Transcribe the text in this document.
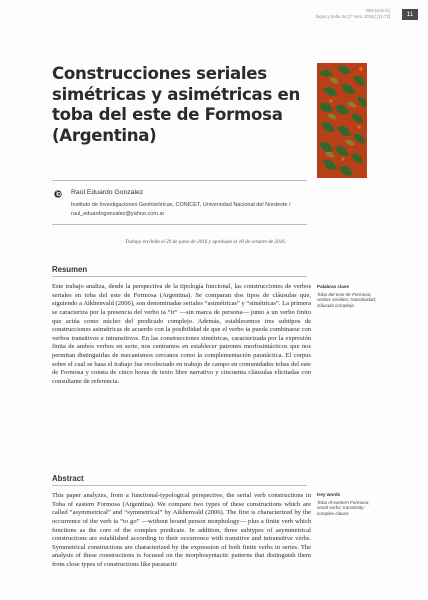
RIM (ucm.fc)
Signo y Seña 34 (2° sem. 2016): [11-72]	11
Construcciones seriales simétricas y asimétricas en toba del este de Formosa (Argentina)
Raúl Eduardo González
Instituto de Investigaciones Geohistóricas, CONICET, Universidad Nacional del Nordeste / raul_eduardogonzalez@yahoo.com.ar
Trabajo recibido el 29 de junio de 2016 y aprobado el 18 de octubre de 2016.
Resumen

Este trabajo analiza, desde la perspectiva de la tipología funcional, las construcciones de verbos seriales en toba del este de Formosa (Argentina). Se comparan dos tipos de cláusulas que, siguiendo a Aikhenvald (2006), son denominadas seriales “asimétricas” y “simétricas”. La primera se caracteriza por la presencia del verbo ta “ir” —sin marca de persona— junto a un verbo finito que actúa como núcleo del predicado complejo. Además, establecemos tres subtipos de construcciones asimétricas de acuerdo con la posibilidad de que el verbo ta pueda combinarse con verbos transitivos e intransitivos. En las construcciones simétricas, caracterizada por la expresión finita de ambos verbos en serie, nos centramos en establecer patrones morfosintácticos que nos permitan distinguirlas de mecanismos cercanos como la complementación paratáctica. El corpus sobre el cual se basa el trabajo fue recolectado en trabajo de campo en comunidades tobas del este de Formosa y consta de cinco horas de texto libre narrativo y cincuenta cláusulas elicitadas con consultante de referencia.

Palabras clave
Toba del este de Formosa; verbos seriales; transitividad; cláusula compleja
Abstract

This paper analyzes, from a functional-typological perspective, the serial verb constructions in Toba of eastern Formosa (Argentina). We compare two types of these constructions which are called “asymmetrical” and “symmetrical” by Aikhenvald (2006). The first is characterized by the occurrence of the verb ta “to go” —without bound person morphology— plus a finite verb which functions as the core of the complex predicate. In addition, three subtypes of asymmetrical constructions are established according to their occurrence with transitive and intransitive verbs. Symmetrical constructions are characterized by the expression of both finite verbs in series. The analysis of these constructions is focused on the morphosyntactic patterns that distinguish them from close types of constructions like paratactic

Key words
Toba of eastern Formosa; serial verbs; transitivity; complex clause
